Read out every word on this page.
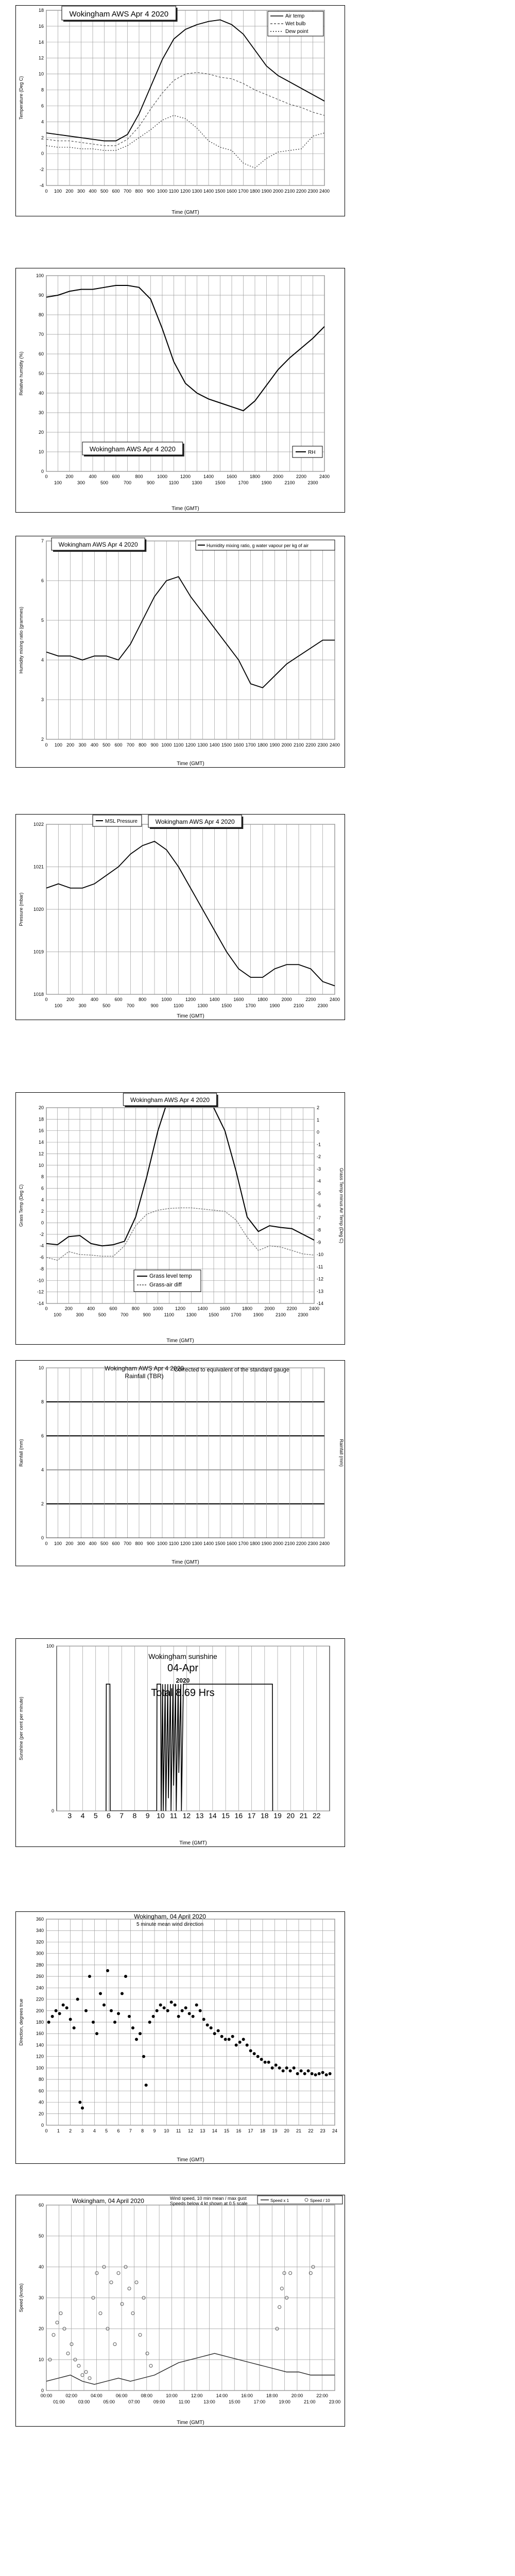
-4
-2
0
2
4
6
8
10
12
14
16
18
0 100 200 300 400 500 600 700 800 900 1000 1100 1200 1300 1400 1500 1600 1700 1800 1900 2000 2100 2200 2300 2400
Time (GMT)
Temperature (Deg C)
Wokingham AWS Apr 4 2020	Air temp
Wet bulb
Dew point
0
10
20
30
40
50
60
70
80
90
100
0	200	400	600	800	1000	1200	1400	1600	1800	2000	2200	2400
100	300	500	700	900	1100	1300	1500	1700	1900	2100	2300
Time (GMT)
Relative humidity (%)
Wokingham AWS Apr 4 2020	RH
2
3
4
5
6
7
0 100 200 300 400 500 600 700 800 900 1000 1100 1200 1300 1400 1500 1600 1700 1800 1900 2000 2100 2200 2300 2400
Time (GMT)
Humidity mixing ratio (grammes)
Wokingham AWS Apr 4 2020	Humidity mixing ratio, g water vapour per kg of air
1018
1019
1020
1021
1022
0	200	400	600	800	1000	1200	1400	1600	1800	2000	2200	2400
100	300	500	700	900	1100	1300	1500	1700	1900	2100	2300
Time (GMT)
Pressure (mbar)
MSL Pressure	Wokingham AWS Apr 4 2020
-14
-12
-10
-8
-6
-4
-2
0
2
4
6
8
10
12
14
16
18
20
-14
-13
-12
-11
-10
-9
-8
-7
-6
-5
-4
-3
-2
-1
0
1
2
0	200	400	600	800	1000	1200	1400	1600	1800	2000	2200	2400
100	300	500	700	900	1100	1300	1500	1700	1900	2100	2300
Time (GMT)
Grass Temp (Deg C)	Grass Temp minus Air Temp (Deg C)
Wokingham AWS Apr 4 2020
Grass level temp
Grass-air diff
0
2
4
6
8
10
0 100 200 300 400 500 600 700 800 900 1000 1100 1200 1300 1400 1500 1600 1700 1800 1900 2000 2100 2200 2300 2400
Time (GMT)
Rainfall (mm)	Rainfall (mm)
Wokingham AWS Apr 4 2020
Rainfall (TBR)
Corrected to equivalent of the standard gauge
0
100
3 4 5 6 7 8 9 10 11 12 13 14 15 16 17 18 19 20 21 22
Time (GMT)
Sunshine (per cent per minute)
Wokingham sunshine
04-Apr
2020
Total 8.69 Hrs
0
20
40
60
80
100
120
140
160
180
200
220
240
260
280
300
320
340
360
0 1 2 3 4 5 6 7 8 9 10 11 12 13 14 15 16 17 18 19 20 21 22 23 24
Time (GMT)
Direction, degrees true
Wokingham, 04 April 2020
5 minute mean wind direction
0
10
20
30
40
50
60
00:00	02:00	04:00	06:00	08:00	10:00	12:00	14:00	16:00	18:00	20:00	22:00
01:00	03:00	05:00	07:00	09:00	11:00	13:00	15:00	17:00	19:00	21:00	23:00
Time (GMT)
Speed (knots)
Wokingham, 04 April 2020	Wind speed, 10 min mean / max gust
Speeds below 4 kt shown at 0.5 scale
Speed x 1	Speed / 10
